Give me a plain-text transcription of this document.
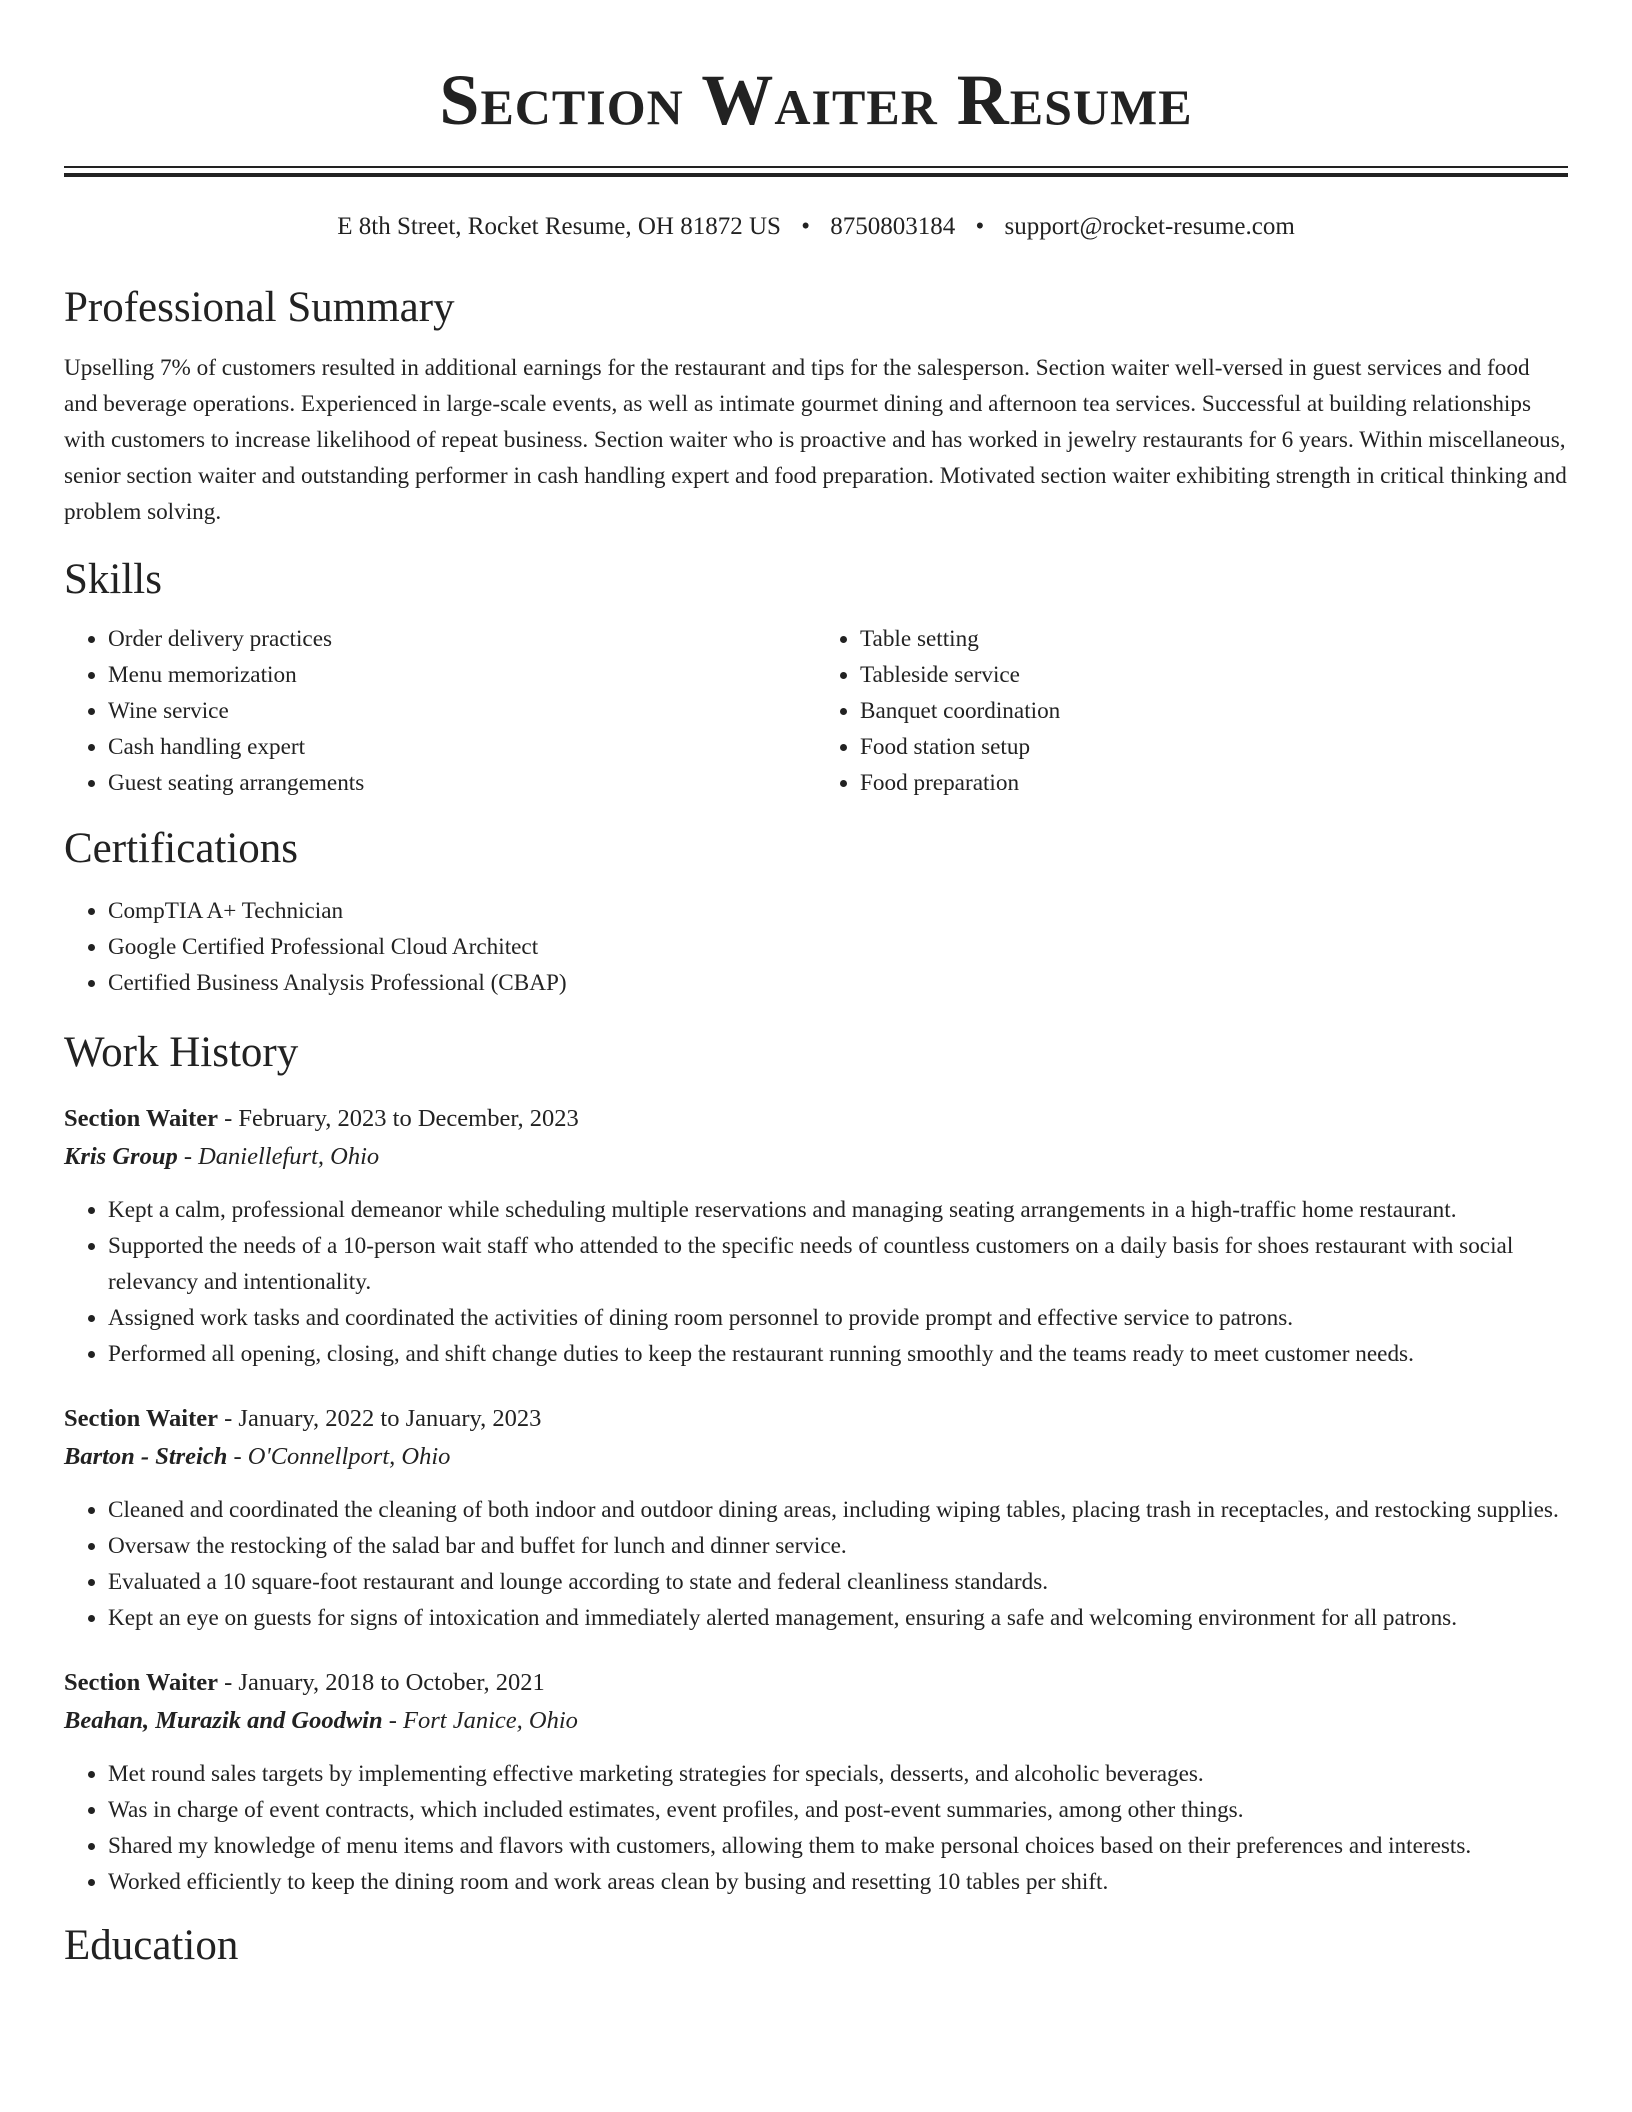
Section Waiter Resume
E 8th Street, Rocket Resume, OH 81872 US • 8750803184 • support@rocket-resume.com
Professional Summary
Upselling 7% of customers resulted in additional earnings for the restaurant and tips for the salesperson. Section waiter well-versed in guest services and food and beverage operations. Experienced in large-scale events, as well as intimate gourmet dining and afternoon tea services. Successful at building relationships with customers to increase likelihood of repeat business. Section waiter who is proactive and has worked in jewelry restaurants for 6 years. Within miscellaneous, senior section waiter and outstanding performer in cash handling expert and food preparation. Motivated section waiter exhibiting strength in critical thinking and problem solving.
Skills
• Order delivery practices
• Menu memorization
• Wine service
• Cash handling expert
• Guest seating arrangements
• Table setting
• Tableside service
• Banquet coordination
• Food station setup
• Food preparation
Certifications
• CompTIA A+ Technician
• Google Certified Professional Cloud Architect
• Certified Business Analysis Professional (CBAP)
Work History
Section Waiter - February, 2023 to December, 2023
Kris Group - Daniellefurt, Ohio
• Kept a calm, professional demeanor while scheduling multiple reservations and managing seating arrangements in a high-traffic home restaurant.
• Supported the needs of a 10-person wait staff who attended to the specific needs of countless customers on a daily basis for shoes restaurant with social relevancy and intentionality.
• Assigned work tasks and coordinated the activities of dining room personnel to provide prompt and effective service to patrons.
• Performed all opening, closing, and shift change duties to keep the restaurant running smoothly and the teams ready to meet customer needs.
Section Waiter - January, 2022 to January, 2023
Barton - Streich - O'Connellport, Ohio
• Cleaned and coordinated the cleaning of both indoor and outdoor dining areas, including wiping tables, placing trash in receptacles, and restocking supplies.
• Oversaw the restocking of the salad bar and buffet for lunch and dinner service.
• Evaluated a 10 square-foot restaurant and lounge according to state and federal cleanliness standards.
• Kept an eye on guests for signs of intoxication and immediately alerted management, ensuring a safe and welcoming environment for all patrons.
Section Waiter - January, 2018 to October, 2021
Beahan, Murazik and Goodwin - Fort Janice, Ohio
• Met round sales targets by implementing effective marketing strategies for specials, desserts, and alcoholic beverages.
• Was in charge of event contracts, which included estimates, event profiles, and post-event summaries, among other things.
• Shared my knowledge of menu items and flavors with customers, allowing them to make personal choices based on their preferences and interests.
• Worked efficiently to keep the dining room and work areas clean by busing and resetting 10 tables per shift.
Education
